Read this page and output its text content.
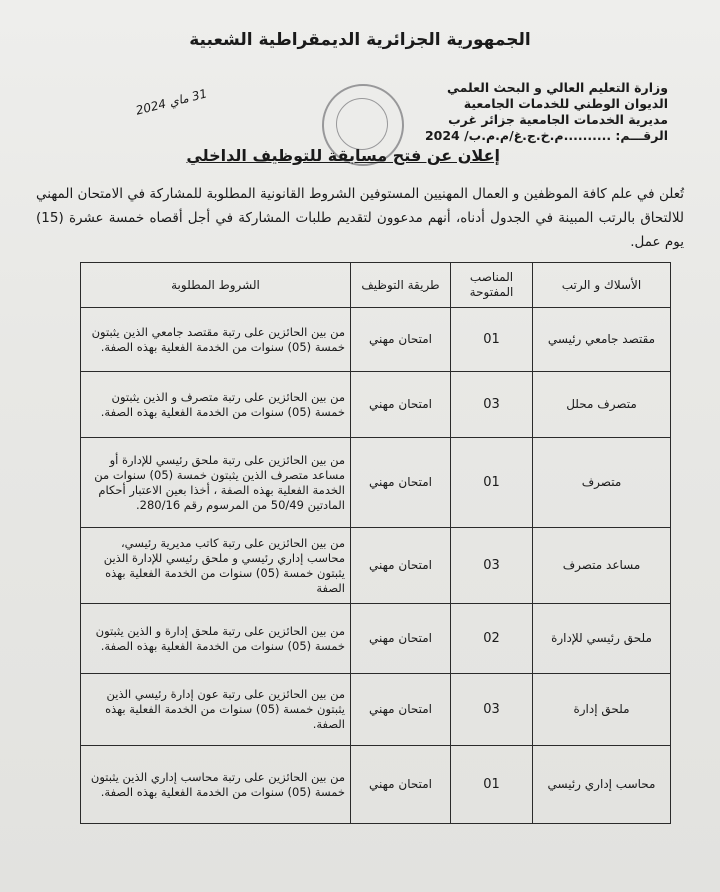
الجمهورية الجزائرية الديمقراطية الشعبية
وزارة التعليم العالي و البحث العلمي
الديوان الوطني للخدمات الجامعية
مديرية الخدمات الجامعية جزائر غرب
الرقـــم: ..........م.خ.ج.غ/م.م.ب/ 2024
31 ماي 2024
إعلان عن فتح مسابقة للتوظيف الداخلي
تُعلن في علم كافة الموظفين و العمال المهنيين المستوفين الشروط القانونية المطلوبة للمشاركة في الامتحان المهني للالتحاق بالرتب المبينة في الجدول أدناه، أنهم مدعوون لتقديم طلبات المشاركة في أجل أقصاه خمسة عشرة (15) يوم عمل.
الأسلاك و الرتب	المناصب المفتوحة	طريقة التوظيف	الشروط المطلوبة
مقتصد جامعي رئيسي	01	امتحان مهني	من بين الحائزين على رتبة مقتصد جامعي الذين يثبتون خمسة (05) سنوات من الخدمة الفعلية بهذه الصفة.
متصرف محلل	03	امتحان مهني	من بين الحائزين على رتبة متصرف و الذين يثبتون خمسة (05) سنوات من الخدمة الفعلية بهذه الصفة.
متصرف	01	امتحان مهني	من بين الحائزين على رتبة ملحق رئيسي للإدارة أو مساعد متصرف الذين يثبتون خمسة (05) سنوات من الخدمة الفعلية بهذه الصفة ، أخذا بعين الاعتبار أحكام المادتين 50/49 من المرسوم رقم 280/16.
مساعد متصرف	03	امتحان مهني	من بين الحائزين على رتبة كاتب مديرية رئيسي، محاسب إداري رئيسي و ملحق رئيسي للإدارة الذين يثبتون خمسة (05) سنوات من الخدمة الفعلية بهذه الصفة
ملحق رئيسي للإدارة	02	امتحان مهني	من بين الحائزين على رتبة ملحق إدارة و الذين يثبتون خمسة (05) سنوات من الخدمة الفعلية بهذه الصفة.
ملحق إدارة	03	امتحان مهني	من بين الحائزين على رتبة عون إدارة رئيسي الذين يثبتون خمسة (05) سنوات من الخدمة الفعلية بهذه الصفة.
محاسب إداري رئيسي	01	امتحان مهني	من بين الحائزين على رتبة محاسب إداري الذين يثبتون خمسة (05) سنوات من الخدمة الفعلية بهذه الصفة.
